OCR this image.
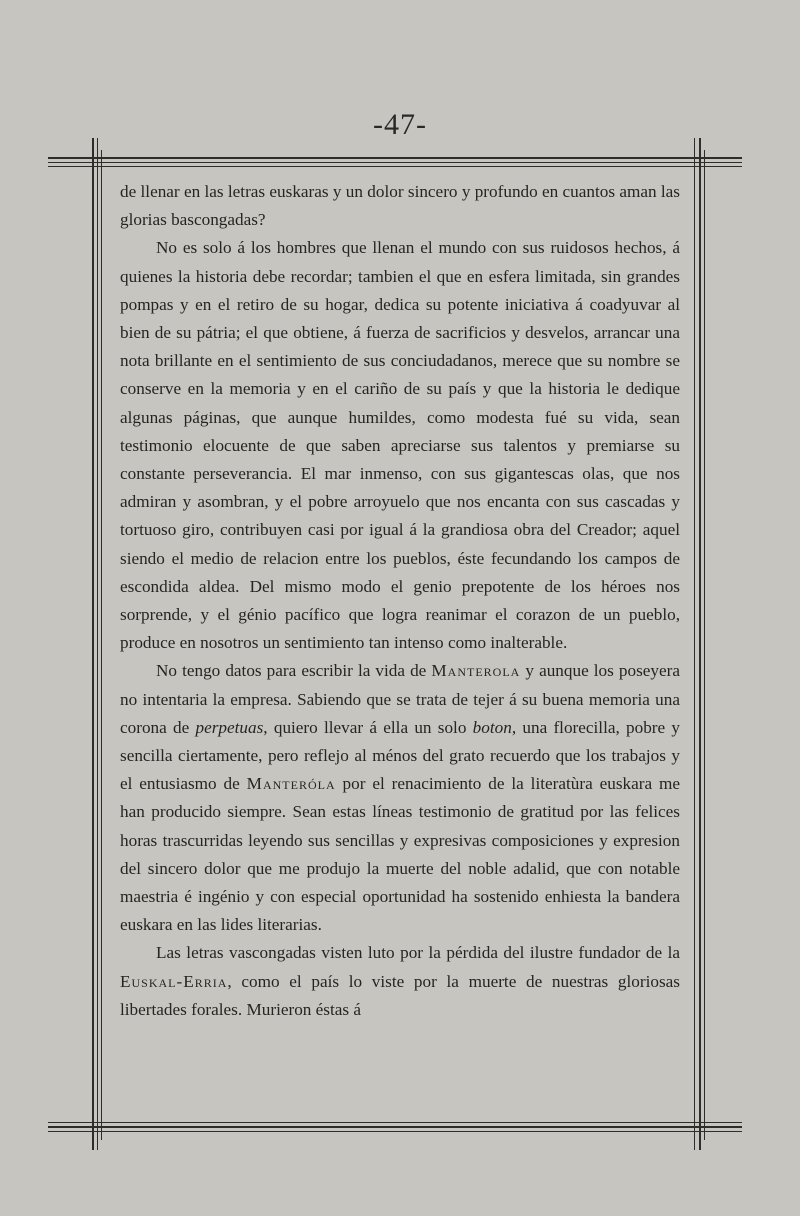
-47-

de llenar en las letras euskaras y un dolor sincero y profundo en cuantos aman las glorias bascongadas?

No es solo á los hombres que llenan el mundo con sus ruidosos hechos, á quienes la historia debe recordar; tambien el que en esfera limitada, sin grandes pompas y en el retiro de su hogar, dedica su potente iniciativa á coadyuvar al bien de su pátria; el que obtiene, á fuerza de sacrificios y desvelos, arrancar una nota brillante en el sentimiento de sus conciudadanos, merece que su nombre se conserve en la memoria y en el cariño de su país y que la historia le dedique algunas páginas, que aunque humildes, como modesta fué su vida, sean testimonio elocuente de que saben apreciarse sus talentos y premiarse su constante perseverancia. El mar inmenso, con sus gigantescas olas, que nos admiran y asombran, y el pobre arroyuelo que nos encanta con sus cascadas y tortuoso giro, contribuyen casi por igual á la grandiosa obra del Creador; aquel siendo el medio de relacion entre los pueblos, éste fecundando los campos de escondida aldea. Del mismo modo el genio prepotente de los héroes nos sorprende, y el génio pacífico que logra reanimar el corazon de un pueblo, produce en nosotros un sentimiento tan intenso como inalterable.

No tengo datos para escribir la vida de Manterola y aunque los poseyera no intentaria la empresa. Sabiendo que se trata de tejer á su buena memoria una corona de perpetuas, quiero llevar á ella un solo boton, una florecilla, pobre y sencilla ciertamente, pero reflejo al ménos del grato recuerdo que los trabajos y el entusiasmo de Manteróla por el renacimiento de la literatùra euskara me han producido siempre. Sean estas líneas testimonio de gratitud por las felices horas trascurridas leyendo sus sencillas y expresivas composiciones y expresion del sincero dolor que me produjo la muerte del noble adalid, que con notable maestria é ingénio y con especial oportunidad ha sostenido enhiesta la bandera euskara en las lides literarias.

Las letras vascongadas visten luto por la pérdida del ilustre fundador de la Euskal-Erria, como el país lo viste por la muerte de nuestras gloriosas libertades forales. Murieron éstas á
